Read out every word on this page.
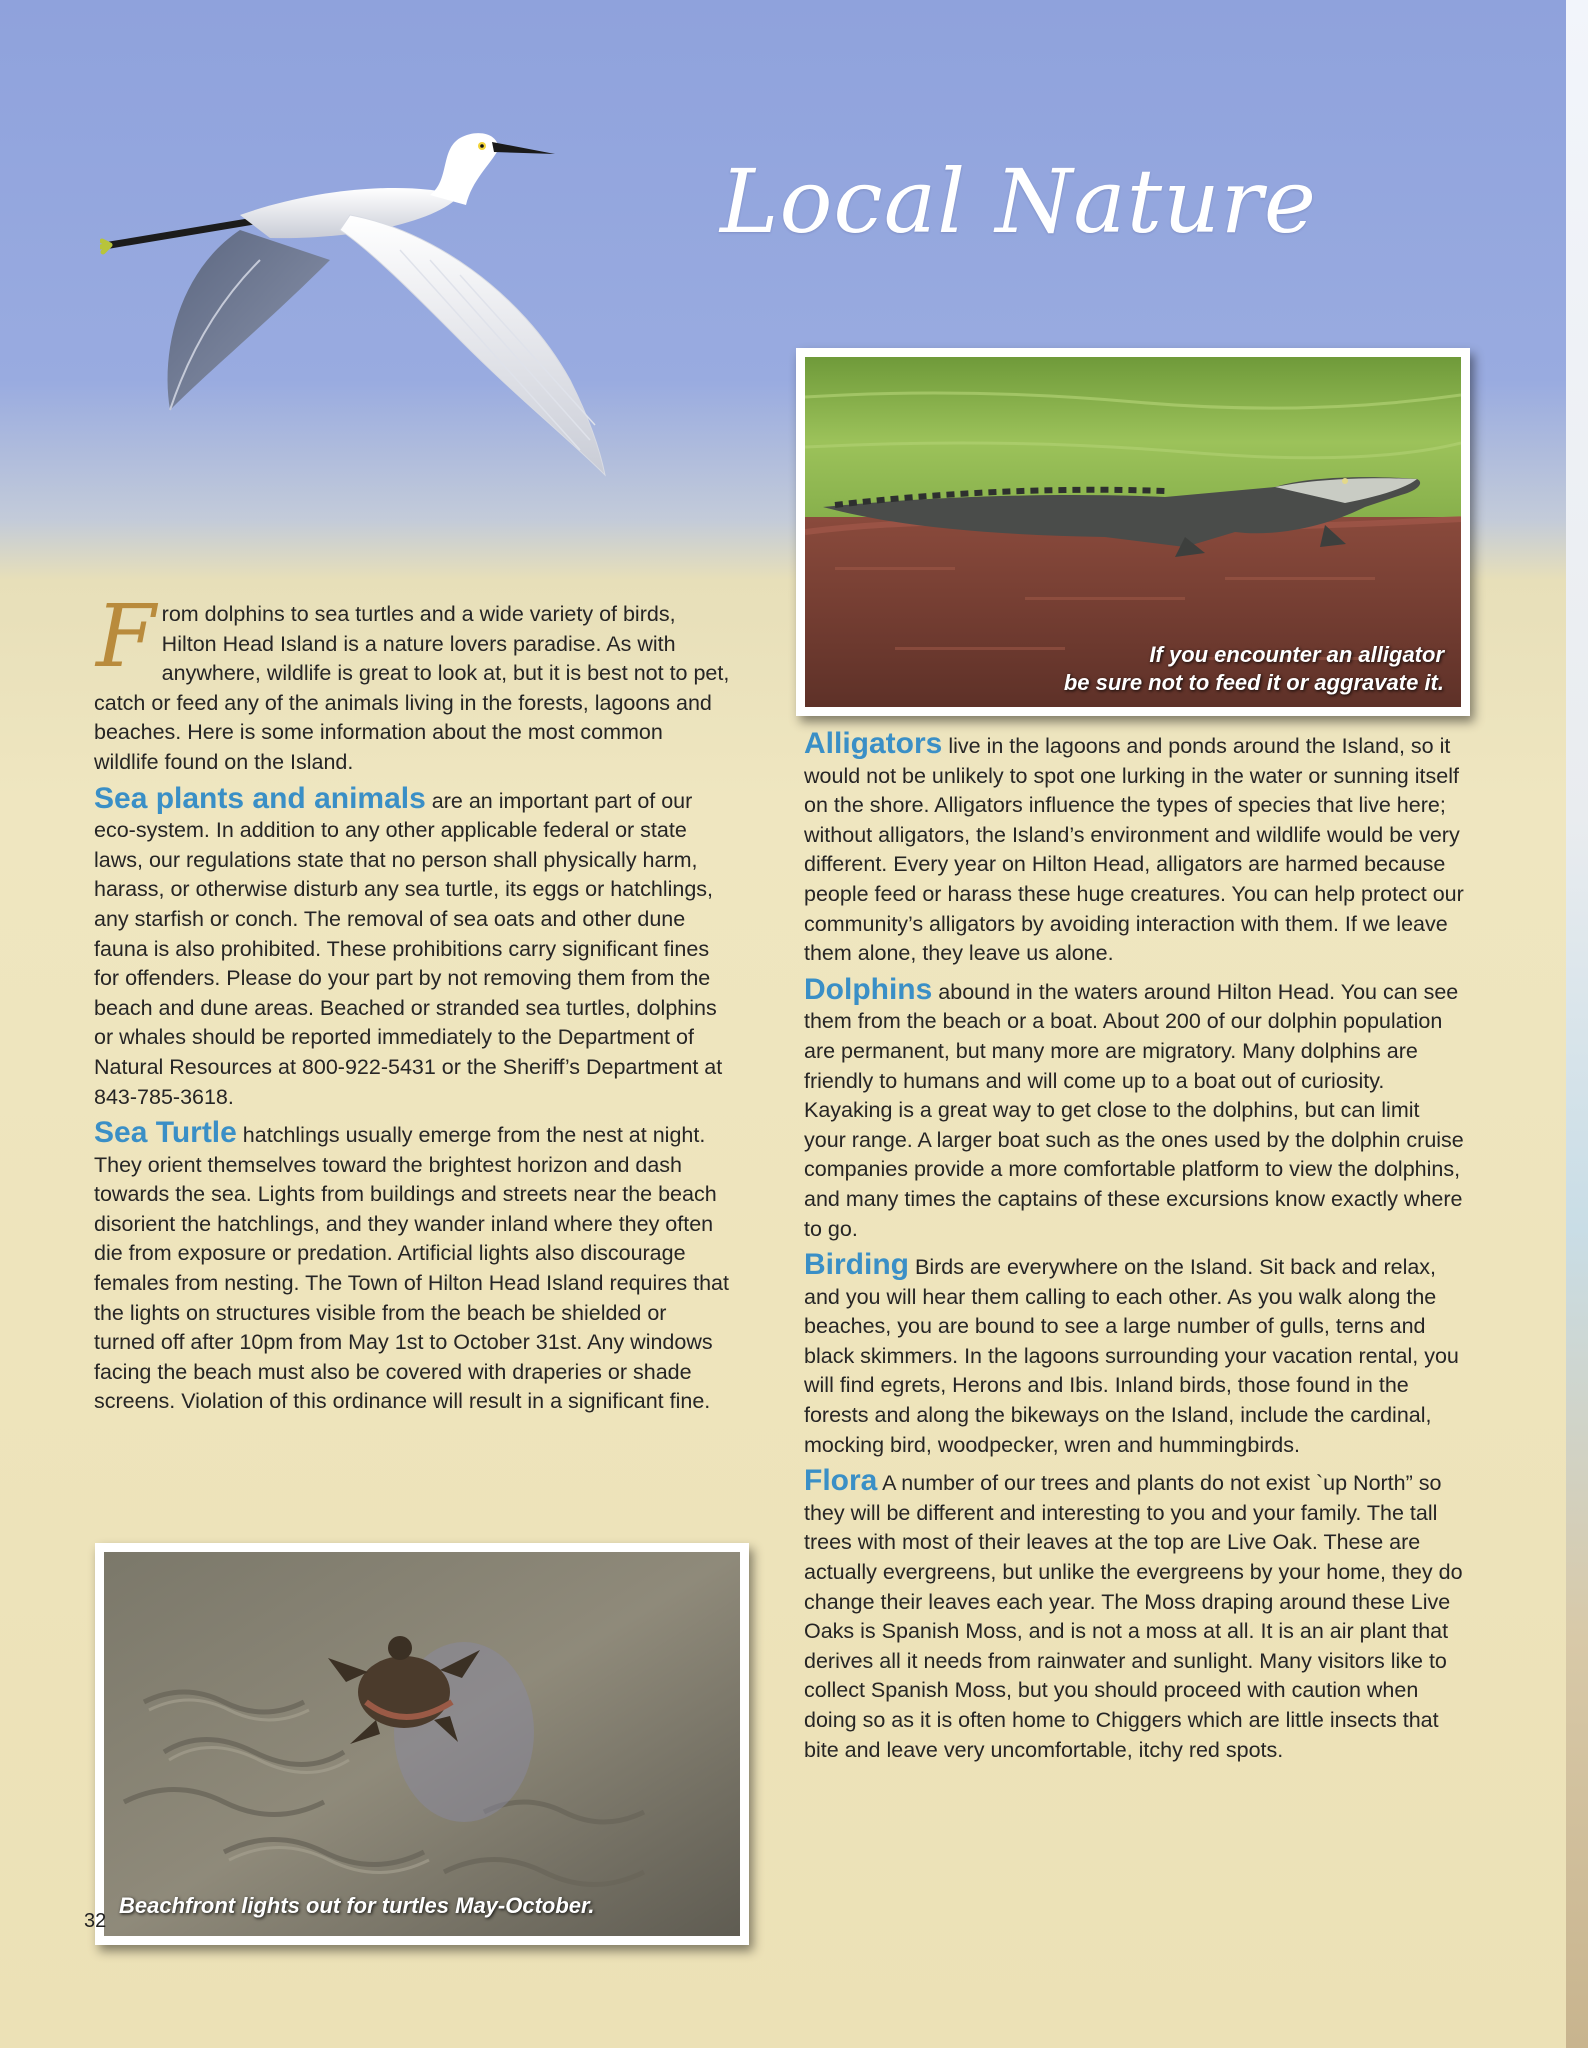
Local Nature
If you encounter an alligator
be sure not to feed it or aggravate it.

From dolphins to sea turtles and a wide variety of birds, Hilton Head Island is a nature lovers paradise. As with anywhere, wildlife is great to look at, but it is best not to pet, catch or feed any of the animals living in the forests, lagoons and beaches. Here is some information about the most common wildlife found on the Island.

Sea plants and animals are an important part of our eco-system. In addition to any other applicable federal or state laws, our regulations state that no person shall physically harm, harass, or otherwise disturb any sea turtle, its eggs or hatchlings, any starfish or conch. The removal of sea oats and other dune fauna is also prohibited. These prohibitions carry significant fines for offenders. Please do your part by not removing them from the beach and dune areas. Beached or stranded sea turtles, dolphins or whales should be reported immediately to the Department of Natural Resources at 800-922-5431 or the Sheriff’s Department at 843-785-3618.

Sea Turtle hatchlings usually emerge from the nest at night. They orient themselves toward the brightest horizon and dash towards the sea. Lights from buildings and streets near the beach disorient the hatchlings, and they wander inland where they often die from exposure or predation. Artificial lights also discourage females from nesting. The Town of Hilton Head Island requires that the lights on structures visible from the beach be shielded or turned off after 10pm from May 1st to October 31st. Any windows facing the beach must also be covered with draperies or shade screens. Violation of this ordinance will result in a significant fine.

Beachfront lights out for turtles May-October.

Alligators live in the lagoons and ponds around the Island, so it would not be unlikely to spot one lurking in the water or sunning itself on the shore. Alligators influence the types of species that live here; without alligators, the Island’s environment and wildlife would be very different. Every year on Hilton Head, alligators are harmed because people feed or harass these huge creatures. You can help protect our community’s alligators by avoiding interaction with them. If we leave them alone, they leave us alone.

Dolphins abound in the waters around Hilton Head. You can see them from the beach or a boat. About 200 of our dolphin population are permanent, but many more are migratory. Many dolphins are friendly to humans and will come up to a boat out of curiosity. Kayaking is a great way to get close to the dolphins, but can limit your range. A larger boat such as the ones used by the dolphin cruise companies provide a more comfortable platform to view the dolphins, and many times the captains of these excursions know exactly where to go.

Birding Birds are everywhere on the Island. Sit back and relax, and you will hear them calling to each other. As you walk along the beaches, you are bound to see a large number of gulls, terns and black skimmers. In the lagoons surrounding your vacation rental, you will find egrets, Herons and Ibis. Inland birds, those found in the forests and along the bikeways on the Island, include the cardinal, mocking bird, woodpecker, wren and hummingbirds.

Flora A number of our trees and plants do not exist `up North” so they will be different and interesting to you and your family. The tall trees with most of their leaves at the top are Live Oak. These are actually evergreens, but unlike the evergreens by your home, they do change their leaves each year. The Moss draping around these Live Oaks is Spanish Moss, and is not a moss at all. It is an air plant that derives all it needs from rainwater and sunlight. Many visitors like to collect Spanish Moss, but you should proceed with caution when doing so as it is often home to Chiggers which are little insects that bite and leave very uncomfortable, itchy red spots.

32
